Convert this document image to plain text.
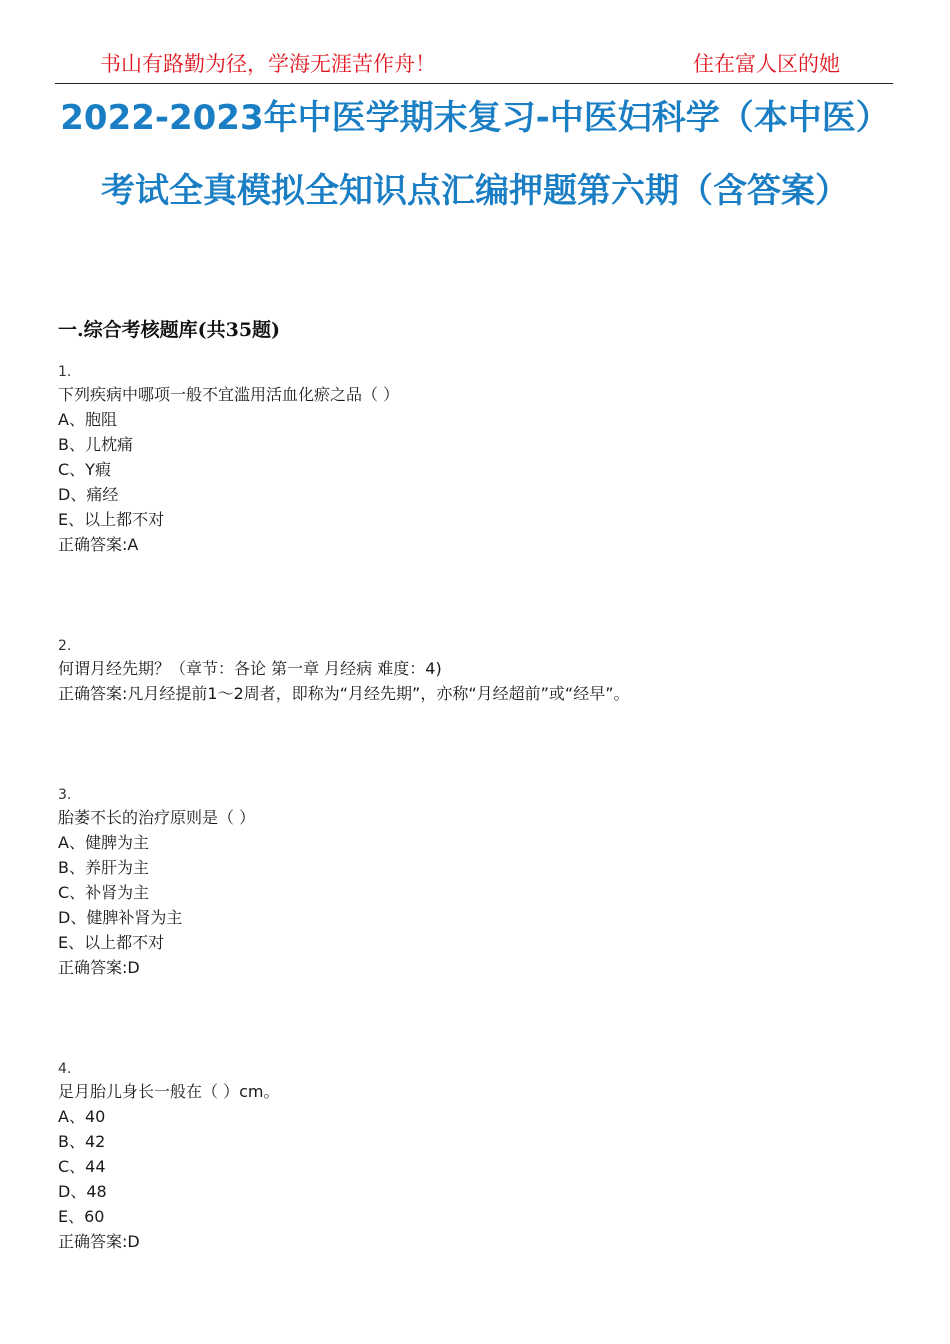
书山有路勤为径，学海无涯苦作舟！	住在富人区的她
2022-2023年中医学期末复习-中医妇科学（本中医）考试全真模拟全知识点汇编押题第六期（含答案）
一.综合考核题库(共35题)
1.
下列疾病中哪项一般不宜滥用活血化瘀之品（ ）
A、胞阻
B、儿枕痛
C、Y瘕
D、痛经
E、以上都不对
正确答案:A
2.
何谓月经先期？（章节：各论 第一章 月经病 难度：4)
正确答案:凡月经提前1～2周者，即称为“月经先期”，亦称“月经超前”或“经早”。
3.
胎萎不长的治疗原则是（ ）
A、健脾为主
B、养肝为主
C、补肾为主
D、健脾补肾为主
E、以上都不对
正确答案:D
4.
足月胎儿身长一般在（ ）cm。
A、40
B、42
C、44
D、48
E、60
正确答案:D
